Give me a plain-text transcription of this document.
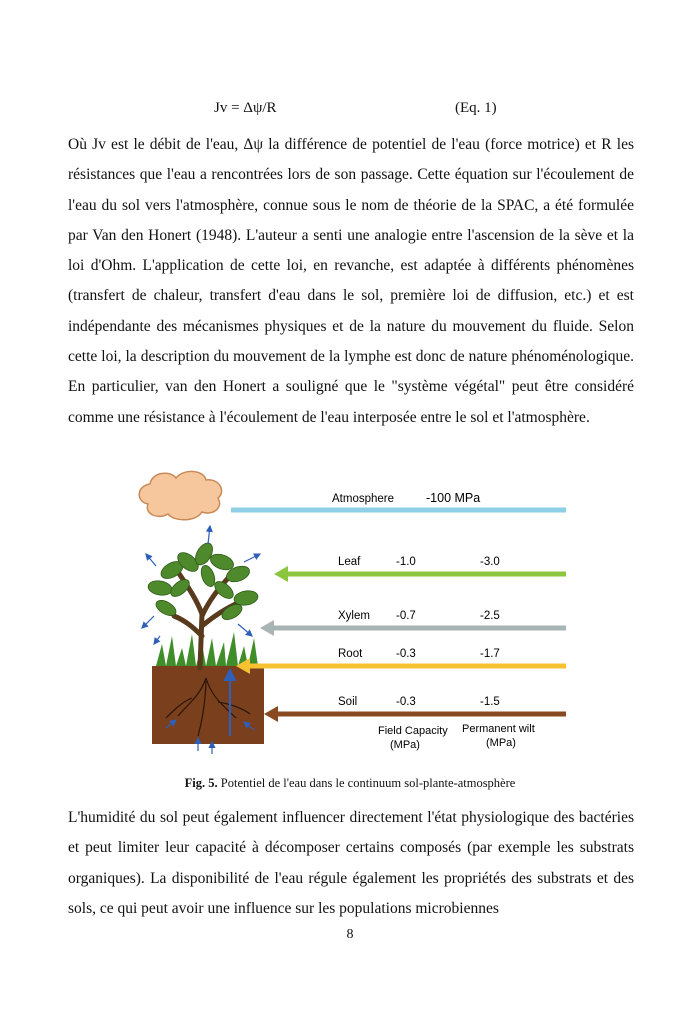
Jv = Δψ/R	(Eq. 1)

Où Jv est le débit de l'eau, Δψ la différence de potentiel de l'eau (force motrice) et R les résistances que l'eau a rencontrées lors de son passage. Cette équation sur l'écoulement de l'eau du sol vers l'atmosphère, connue sous le nom de théorie de la SPAC, a été formulée par Van den Honert (1948). L'auteur a senti une analogie entre l'ascension de la sève et la loi d'Ohm. L'application de cette loi, en revanche, est adaptée à différents phénomènes (transfert de chaleur, transfert d'eau dans le sol, première loi de diffusion, etc.) et est indépendante des mécanismes physiques et de la nature du mouvement du fluide. Selon cette loi, la description du mouvement de la lymphe est donc de nature phénoménologique. En particulier, van den Honert a souligné que le "système végétal" peut être considéré comme une résistance à l'écoulement de l'eau interposée entre le sol et l'atmosphère.

Atmosphere	-100 MPa
Leaf	-1.0	-3.0
Xylem -0.7	-2.5
Root	-0.3	-1.7
Soil	-0.3	-1.5
Field Capacity
(MPa)
Permanent wilt
(MPa)
Fig. 5. Potentiel de l'eau dans le continuum sol-plante-atmosphère

L'humidité du sol peut également influencer directement l'état physiologique des bactéries et peut limiter leur capacité à décomposer certains composés (par exemple les substrats organiques). La disponibilité de l'eau régule également les propriétés des substrats et des sols, ce qui peut avoir une influence sur les populations microbiennes

8
